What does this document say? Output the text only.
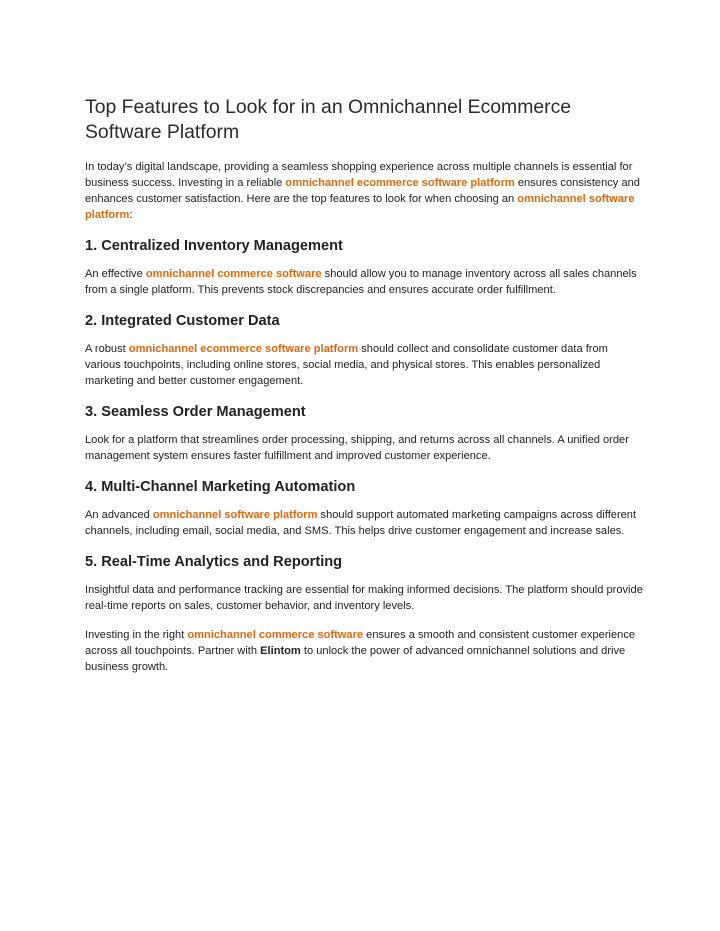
Top Features to Look for in an Omnichannel Ecommerce
Software Platform

In today’s digital landscape, providing a seamless shopping experience across multiple channels is essential for business success. Investing in a reliable omnichannel ecommerce software platform ensures consistency and enhances customer satisfaction. Here are the top features to look for when choosing an omnichannel software platform:

1. Centralized Inventory Management

An effective omnichannel commerce software should allow you to manage inventory across all sales channels from a single platform. This prevents stock discrepancies and ensures accurate order fulfillment.

2. Integrated Customer Data

A robust omnichannel ecommerce software platform should collect and consolidate customer data from various touchpoints, including online stores, social media, and physical stores. This enables personalized marketing and better customer engagement.

3. Seamless Order Management

Look for a platform that streamlines order processing, shipping, and returns across all channels. A unified order management system ensures faster fulfillment and improved customer experience.

4. Multi-Channel Marketing Automation

An advanced omnichannel software platform should support automated marketing campaigns across different channels, including email, social media, and SMS. This helps drive customer engagement and increase sales.

5. Real-Time Analytics and Reporting

Insightful data and performance tracking are essential for making informed decisions. The platform should provide real-time reports on sales, customer behavior, and inventory levels.

Investing in the right omnichannel commerce software ensures a smooth and consistent customer experience across all touchpoints. Partner with Elintom to unlock the power of advanced omnichannel solutions and drive business growth.
